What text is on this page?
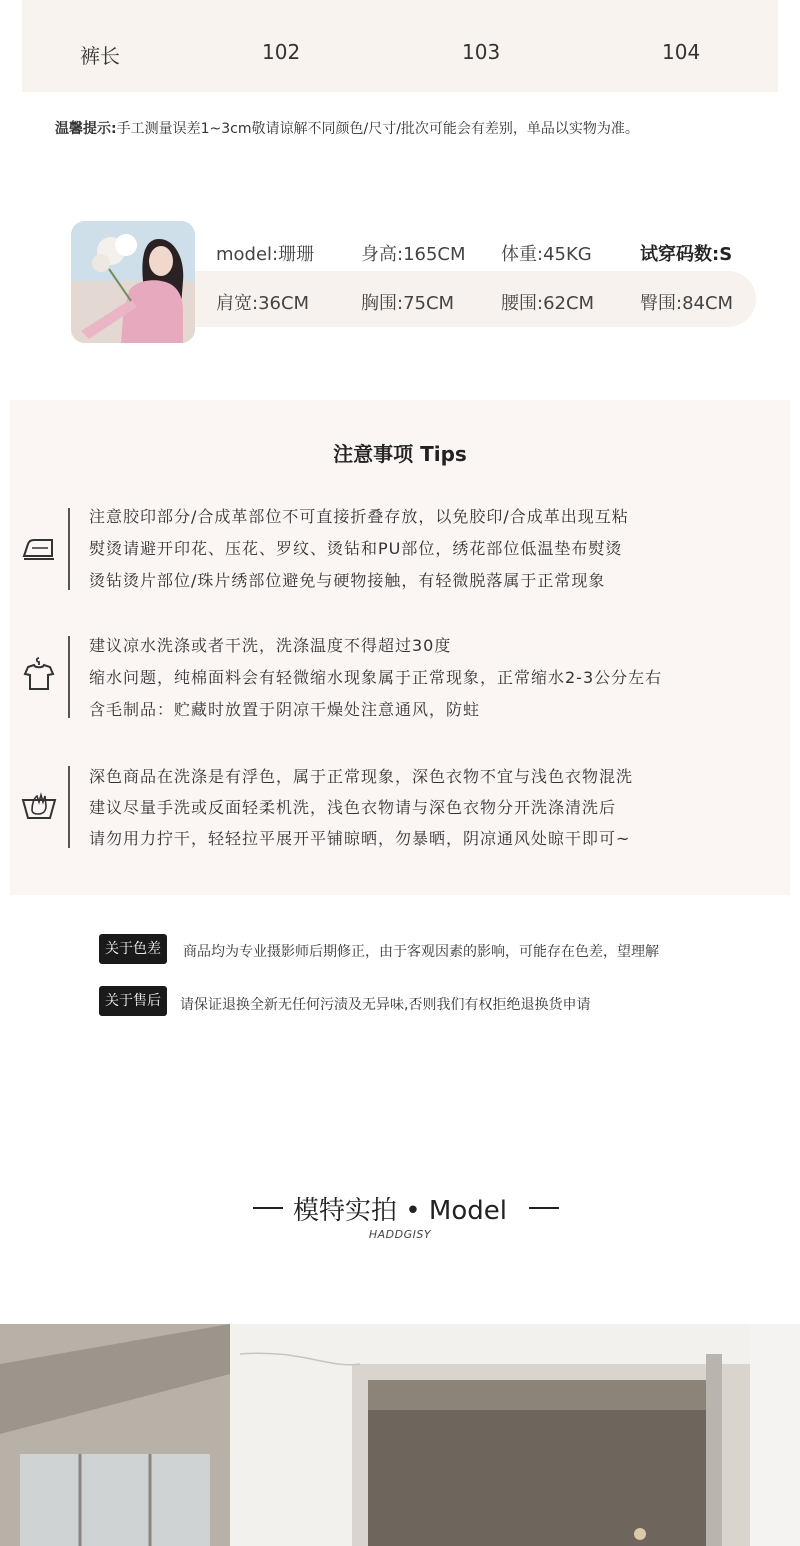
裤长	102	103	104
温馨提示:手工测量误差1~3cm敬请谅解不同颜色/尺寸/批次可能会有差别，单品以实物为准。
model:珊珊	身高:165CM 体重:45KG	试穿码数:S
肩宽:36CM	胸围:75CM	腰围:62CM	臀围:84CM
注意事项 Tips
注意胶印部分/合成革部位不可直接折叠存放，以免胶印/合成革出现互粘
熨烫请避开印花、压花、罗纹、烫钻和PU部位，绣花部位低温垫布熨烫
烫钻烫片部位/珠片绣部位避免与硬物接触，有轻微脱落属于正常现象
建议凉水洗涤或者干洗，洗涤温度不得超过30度
缩水问题，纯棉面料会有轻微缩水现象属于正常现象，正常缩水2-3公分左右
含毛制品：贮藏时放置于阴凉干燥处注意通风，防蛀
深色商品在洗涤是有浮色，属于正常现象，深色衣物不宜与浅色衣物混洗
建议尽量手洗或反面轻柔机洗，浅色衣物请与深色衣物分开洗涤清洗后
请勿用力拧干，轻轻拉平展开平铺晾晒，勿暴晒，阴凉通风处晾干即可~
关于色差	商品均为专业摄影师后期修正，由于客观因素的影响，可能存在色差，望理解
关于售后	请保证退换全新无任何污渍及无异味,否则我们有权拒绝退换货申请
模特实拍 • Model
HADDGISY
